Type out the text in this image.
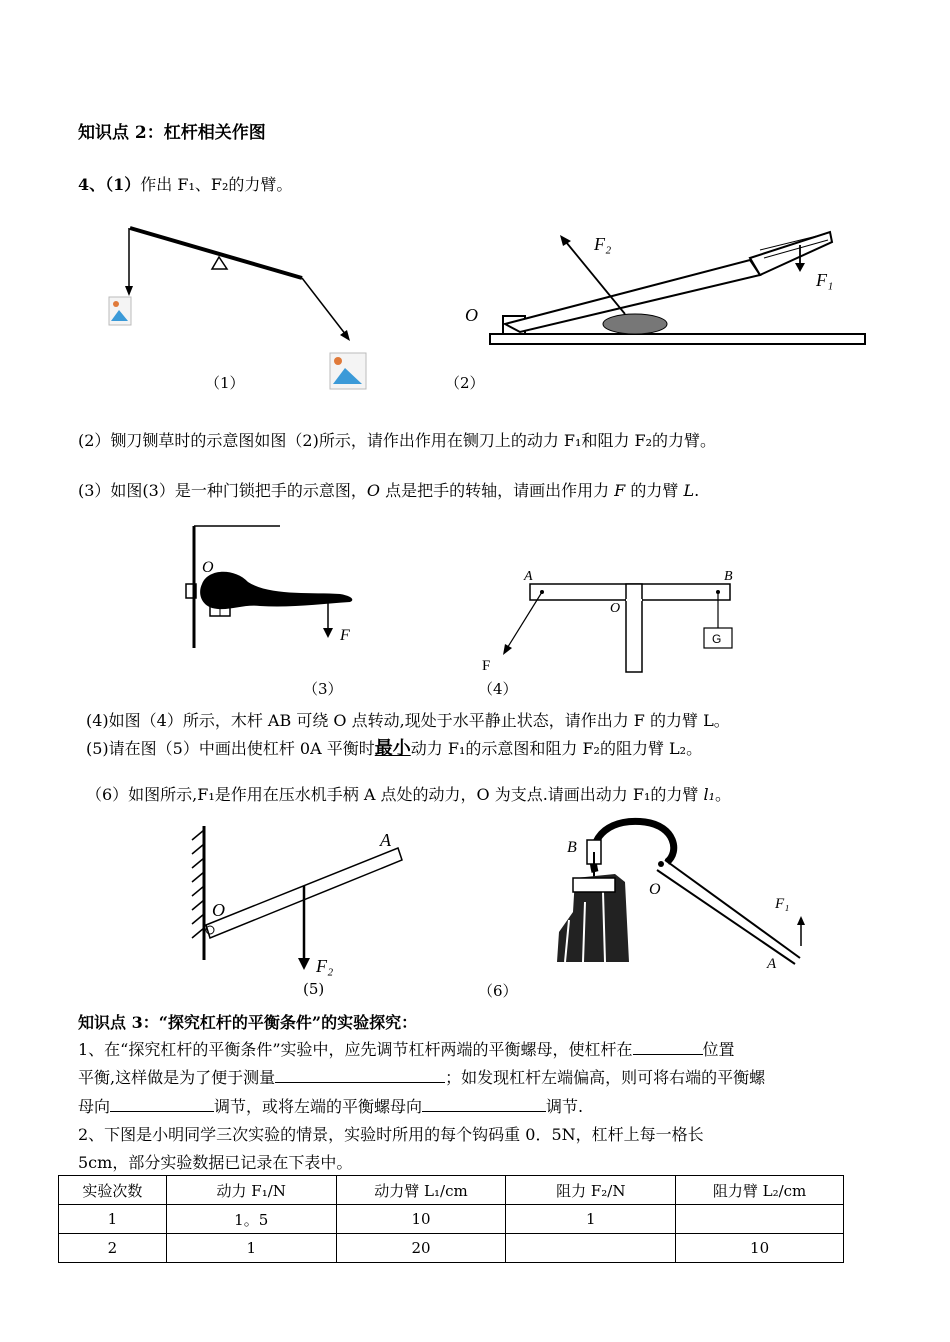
知识点 2：杠杆相关作图
4、（1）作出 F₁、F₂的力臂。
（1）
O
F₂
F₁
（2）
(2）铡刀铡草时的示意图如图（2)所示，请作出作用在铡刀上的动力 F₁和阻力 F₂的力臂。
(3）如图(3）是一种门锁把手的示意图，O 点是把手的转轴，请画出作用力 F 的力臂 L.
O
F
（3）
A	B
O
G
F
（4）
(4)如图（4）所示，木杆 AB 可绕 O 点转动,现处于水平静止状态，请作出力 F 的力臂 L。
(5)请在图（5）中画出使杠杆 0A 平衡时最小动力 F₁的示意图和阻力 F₂的阻力臂 L₂。
（6）如图所示,F₁是作用在压水机手柄 A 点处的动力，O 为支点.请画出动力 F₁的力臂 l₁。
A
O
F₂
(5)
B
O
F₁
A
（6）
知识点 3：“探究杠杆的平衡条件”的实验探究：
1、在“探究杠杆的平衡条件”实验中，应先调节杠杆两端的平衡螺母，使杠杆在	位置
平衡,这样做是为了便于测量	；如发现杠杆左端偏高，则可将右端的平衡螺
母向	调节，或将左端的平衡螺母向	调节.
2、下图是小明同学三次实验的情景，实验时所用的每个钩码重 0．5N，杠杆上每一格长
5cm，部分实验数据已记录在下表中。
实验次数	动力 F₁/N	动力臂 L₁/cm	阻力 F₂/N	阻力臂 L₂/cm
1	1。5	10	1	
2	1	20		10
